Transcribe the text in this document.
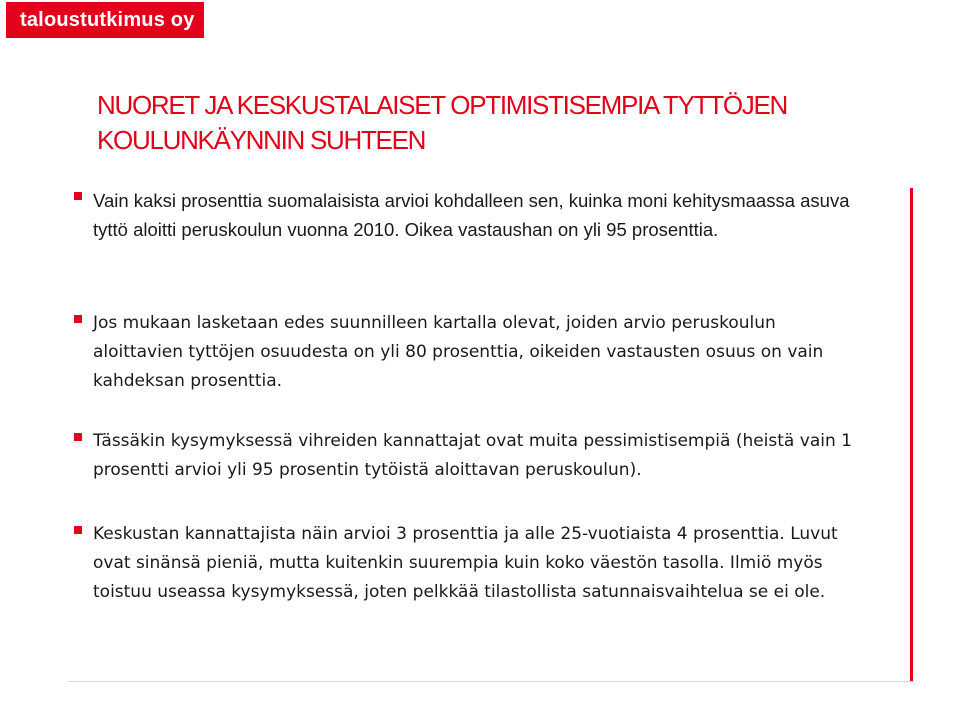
taloustutkimus oy
NUORET JA KESKUSTALAISET OPTIMISTISEMPIA TYTTÖJEN KOULUNKÄYNNIN SUHTEEN
Vain kaksi prosenttia suomalaisista arvioi kohdalleen sen, kuinka moni kehitysmaassa asuva tyttö aloitti peruskoulun vuonna 2010. Oikea vastaushan on yli 95 prosenttia.
Jos mukaan lasketaan edes suunnilleen kartalla olevat, joiden arvio peruskoulun aloittavien tyttöjen osuudesta on yli 80 prosenttia, oikeiden vastausten osuus on vain kahdeksan prosenttia.
Tässäkin kysymyksessä vihreiden kannattajat ovat muita pessimistisempiä (heistä vain 1 prosentti arvioi yli 95 prosentin tytöistä aloittavan peruskoulun).
Keskustan kannattajista näin arvioi 3 prosenttia ja alle 25-vuotiaista 4 prosenttia. Luvut ovat sinänsä pieniä, mutta kuitenkin suurempia kuin koko väestön tasolla. Ilmiö myös toistuu useassa kysymyksessä, joten pelkkää tilastollista satunnaisvaihtelua se ei ole.
